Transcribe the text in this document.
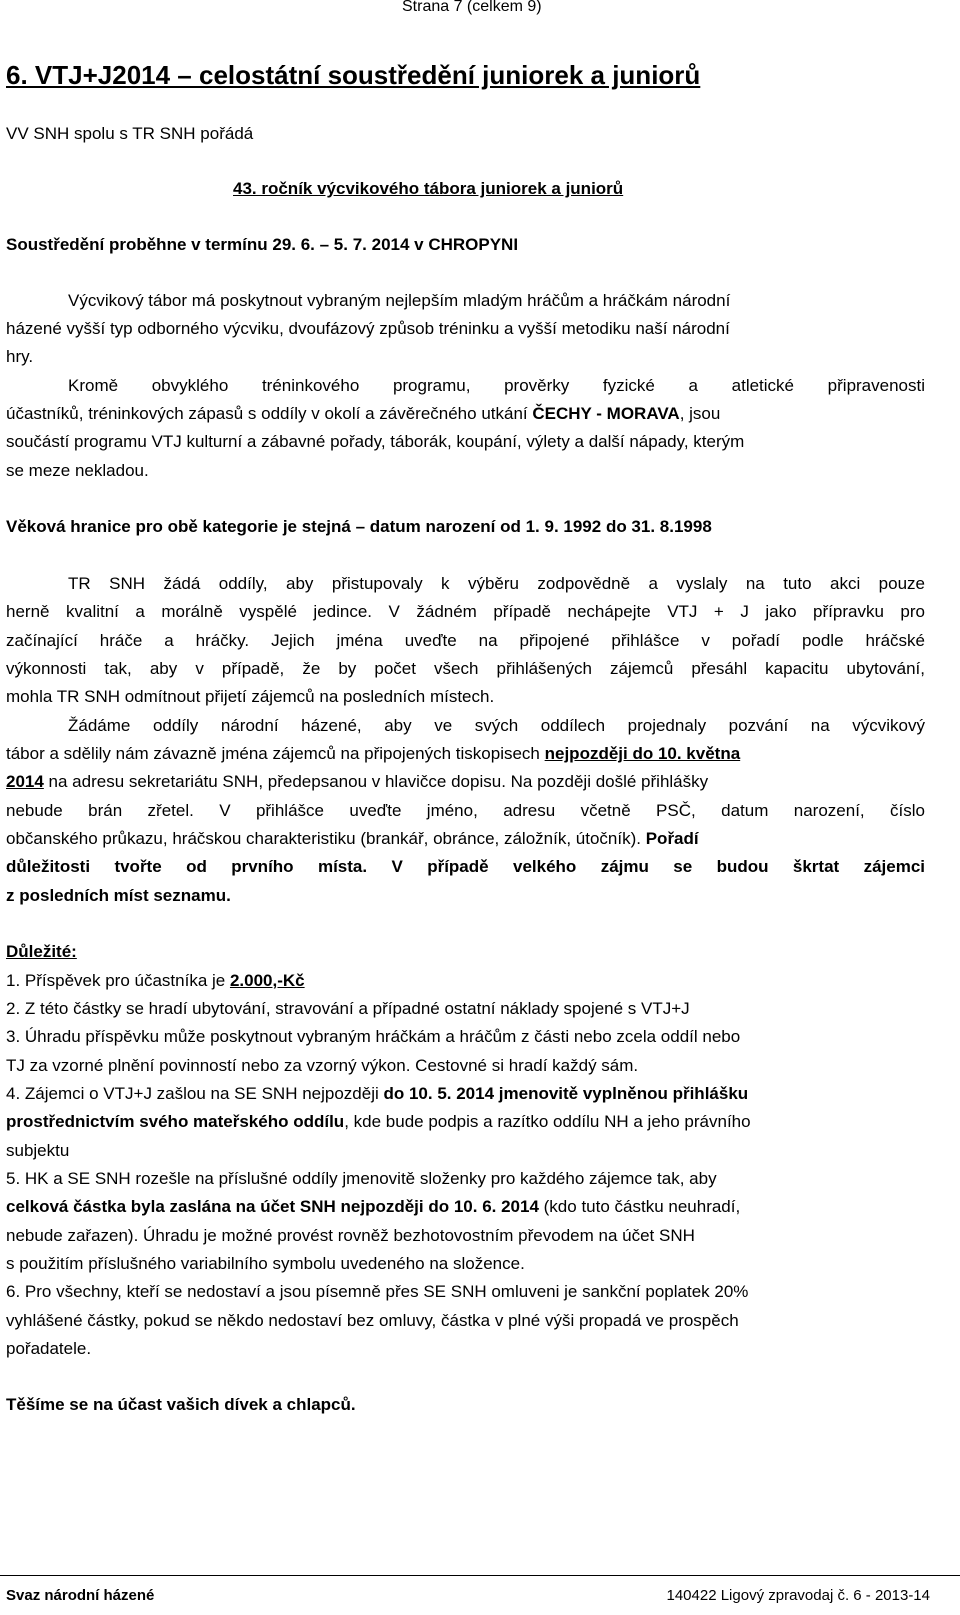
Strana 7 (celkem 9)
6. VTJ+J2014 – celostátní soustředění juniorek a juniorů
VV SNH spolu s TR SNH pořádá
43. ročník výcvikového tábora juniorek a juniorů
Soustředění proběhne v termínu 29. 6. – 5. 7. 2014 v CHROPYNI
Výcvikový tábor má poskytnout vybraným nejlepším mladým hráčům a hráčkám národní
házené vyšší typ odborného výcviku, dvoufázový způsob tréninku a vyšší metodiku naší národní
hry.
Kromě obvyklého tréninkového programu, prověrky fyzické a atletické připravenosti
účastníků, tréninkových zápasů s oddíly v okolí a závěrečného utkání ČECHY - MORAVA, jsou
součástí programu VTJ kulturní a zábavné pořady, táborák, koupání, výlety a další nápady, kterým
se meze nekladou.
Věková hranice pro obě kategorie je stejná – datum narození od 1. 9. 1992 do 31. 8.1998
TR SNH žádá oddíly, aby přistupovaly k výběru zodpovědně a vyslaly na tuto akci pouze
herně kvalitní a morálně vyspělé jedince. V žádném případě nechápejte VTJ + J jako přípravku pro
začínající hráče a hráčky. Jejich jména uveďte na připojené přihlášce v pořadí podle hráčské
výkonnosti tak, aby v případě, že by počet všech přihlášených zájemců přesáhl kapacitu ubytování,
mohla TR SNH odmítnout přijetí zájemců na posledních místech.
Žádáme oddíly národní házené, aby ve svých oddílech projednaly pozvání na výcvikový
tábor a sdělily nám závazně jména zájemců na připojených tiskopisech nejpozději do 10. května
2014 na adresu sekretariátu SNH, předepsanou v hlavičce dopisu. Na později došlé přihlášky
nebude brán zřetel. V přihlášce uveďte jméno, adresu včetně PSČ, datum narození, číslo
občanského průkazu, hráčskou charakteristiku (brankář, obránce, záložník, útočník). Pořadí
důležitosti tvořte od prvního místa. V případě velkého zájmu se budou škrtat zájemci
z posledních míst seznamu.
Důležité:
1. Příspěvek pro účastníka je 2.000,-Kč
2. Z této částky se hradí ubytování, stravování a případné ostatní náklady spojené s VTJ+J
3. Úhradu příspěvku může poskytnout vybraným hráčkám a hráčům z části nebo zcela oddíl nebo
TJ za vzorné plnění povinností nebo za vzorný výkon. Cestovné si hradí každý sám.
4. Zájemci o VTJ+J zašlou na SE SNH nejpozději do 10. 5. 2014 jmenovitě vyplněnou přihlášku
prostřednictvím svého mateřského oddílu, kde bude podpis a razítko oddílu NH a jeho právního
subjektu
5. HK a SE SNH rozešle na příslušné oddíly jmenovitě složenky pro každého zájemce tak, aby
celková částka byla zaslána na účet SNH nejpozději do 10. 6. 2014 (kdo tuto částku neuhradí,
nebude zařazen). Úhradu je možné provést rovněž bezhotovostním převodem na účet SNH
s použitím příslušného variabilního symbolu uvedeného na složence.
6. Pro všechny, kteří se nedostaví a jsou písemně přes SE SNH omluveni je sankční poplatek 20%
vyhlášené částky, pokud se někdo nedostaví bez omluvy, částka v plné výši propadá ve prospěch
pořadatele.
Těšíme se na účast vašich dívek a chlapců.
Svaz národní házené	140422 Ligový zpravodaj č. 6 - 2013-14
